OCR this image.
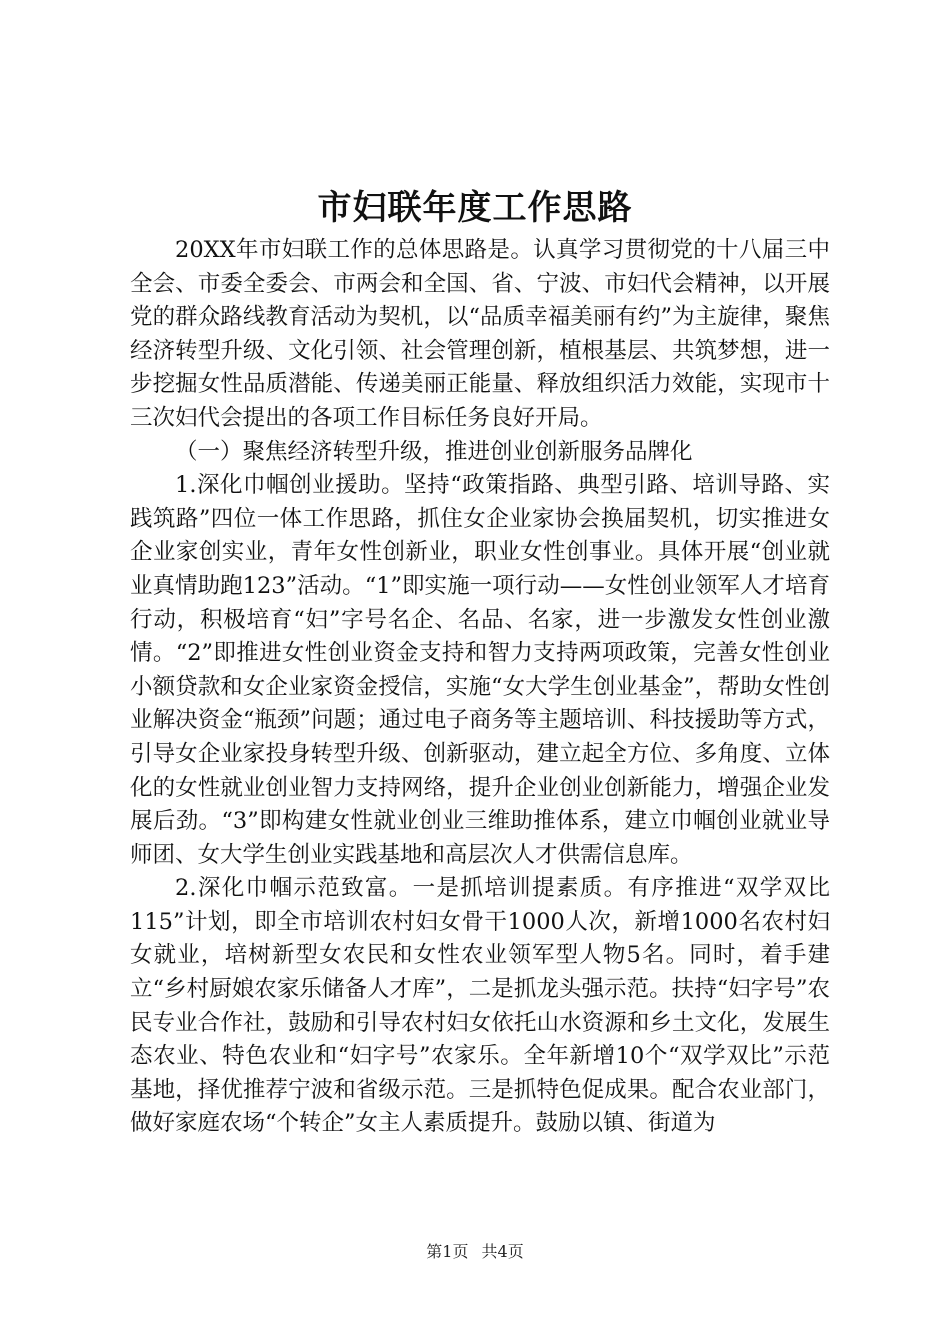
市妇联年度工作思路

20XX年市妇联工作的总体思路是。认真学习贯彻党的十八届三中全会、市委全委会、市两会和全国、省、宁波、市妇代会精神，以开展党的群众路线教育活动为契机，以“品质幸福美丽有约”为主旋律，聚焦经济转型升级、文化引领、社会管理创新，植根基层、共筑梦想，进一步挖掘女性品质潜能、传递美丽正能量、释放组织活力效能，实现市十三次妇代会提出的各项工作目标任务良好开局。

（一）聚焦经济转型升级，推进创业创新服务品牌化

1.深化巾帼创业援助。坚持“政策指路、典型引路、培训导路、实践筑路”四位一体工作思路，抓住女企业家协会换届契机，切实推进女企业家创实业，青年女性创新业，职业女性创事业。具体开展“创业就业真情助跑123”活动。“1”即实施一项行动——女性创业领军人才培育行动，积极培育“妇”字号名企、名品、名家，进一步激发女性创业激情。“2”即推进女性创业资金支持和智力支持两项政策，完善女性创业小额贷款和女企业家资金授信，实施“女大学生创业基金”，帮助女性创业解决资金“瓶颈”问题；通过电子商务等主题培训、科技援助等方式，引导女企业家投身转型升级、创新驱动，建立起全方位、多角度、立体化的女性就业创业智力支持网络，提升企业创业创新能力，增强企业发展后劲。“3”即构建女性就业创业三维助推体系，建立巾帼创业就业导师团、女大学生创业实践基地和高层次人才供需信息库。

2.深化巾帼示范致富。一是抓培训提素质。有序推进“双学双比115”计划，即全市培训农村妇女骨干1000人次，新增1000名农村妇女就业，培树新型女农民和女性农业领军型人物5名。同时，着手建立“乡村厨娘农家乐储备人才库”，二是抓龙头强示范。扶持“妇字号”农民专业合作社，鼓励和引导农村妇女依托山水资源和乡土文化，发展生态农业、特色农业和“妇字号”农家乐。全年新增10个“双学双比”示范基地，择优推荐宁波和省级示范。三是抓特色促成果。配合农业部门，做好家庭农场“个转企”女主人素质提升。鼓励以镇、街道为

第1页 共4页
